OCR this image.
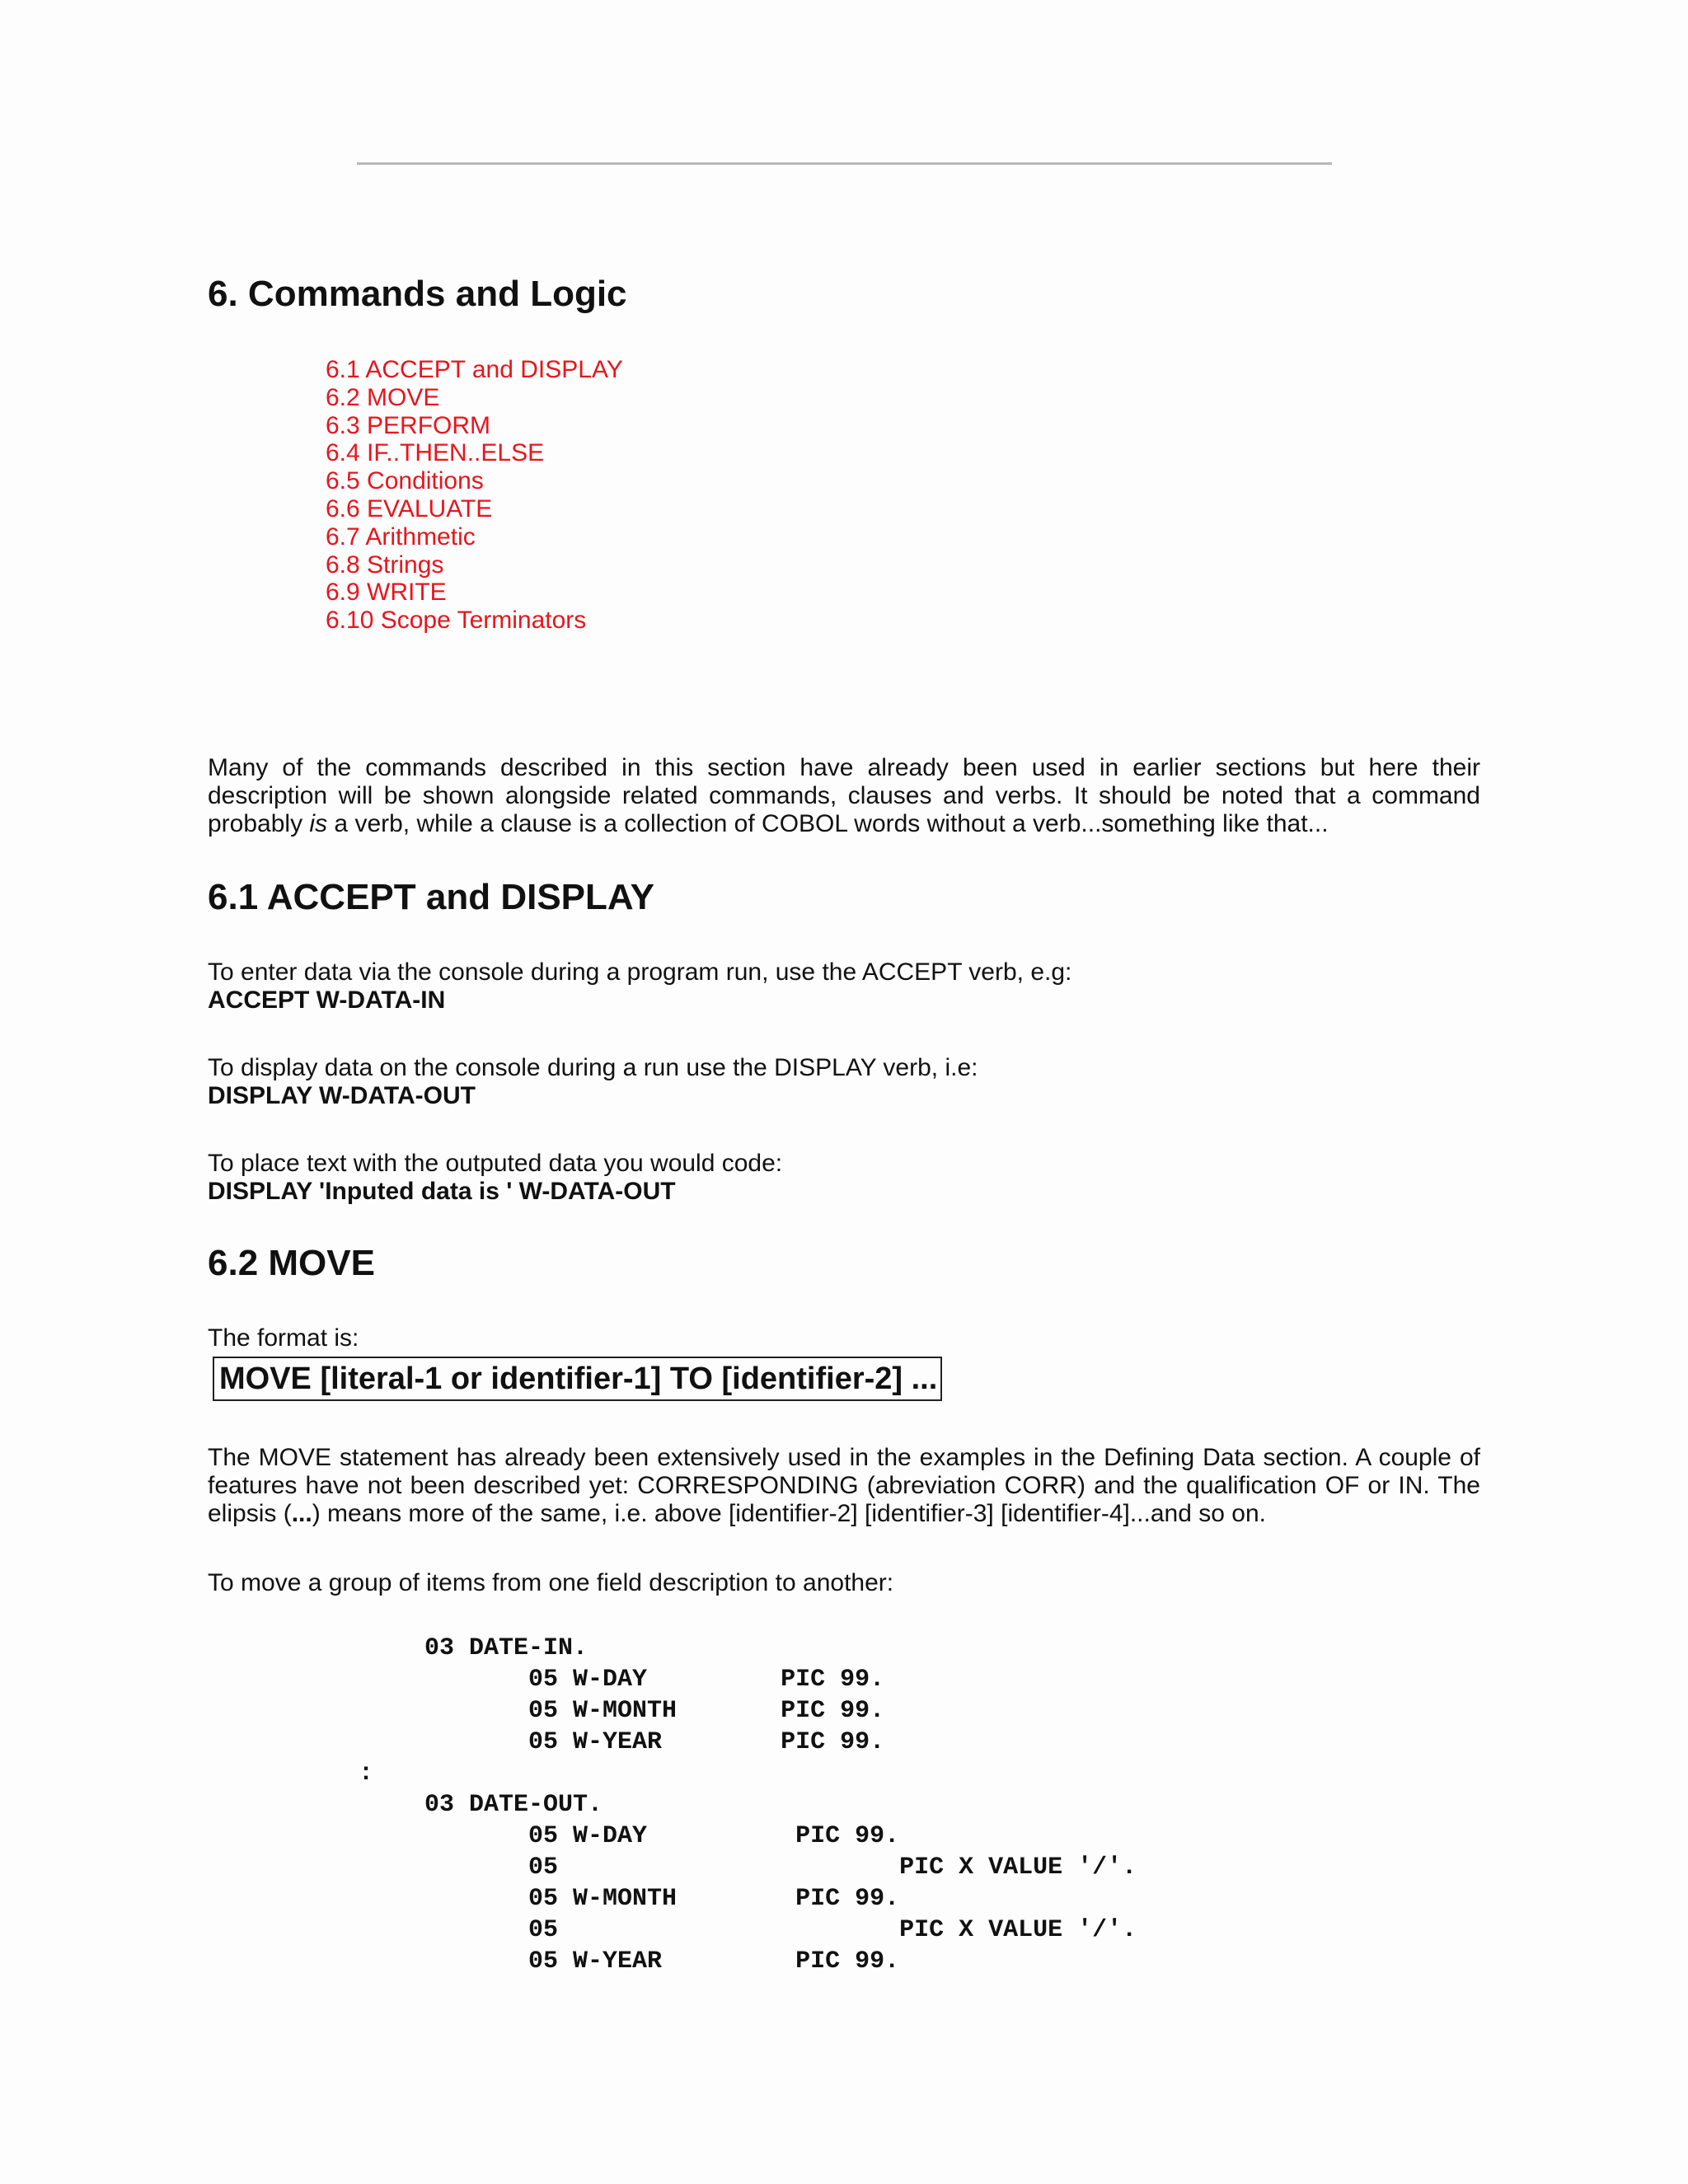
6. Commands and Logic
6.1 ACCEPT and DISPLAY
6.2 MOVE
6.3 PERFORM
6.4 IF..THEN..ELSE
6.5 Conditions
6.6 EVALUATE
6.7 Arithmetic
6.8 Strings
6.9 WRITE
6.10 Scope Terminators

Many of the commands described in this section have already been used in earlier sections but here their
description will be shown alongside related commands, clauses and verbs. It should be noted that a command
probably is a verb, while a clause is a collection of COBOL words without a verb...something like that...

6.1 ACCEPT and DISPLAY
To enter data via the console during a program run, use the ACCEPT verb, e.g:
ACCEPT W-DATA-IN
To display data on the console during a run use the DISPLAY verb, i.e:
DISPLAY W-DATA-OUT
To place text with the outputed data you would code:
DISPLAY 'Inputed data is ' W-DATA-OUT
6.2 MOVE
The format is:
MOVE [literal-1 or identifier-1] TO [identifier-2] ...

The MOVE statement has already been extensively used in the examples in the Defining Data section. A couple of
features have not been described yet: CORRESPONDING (abreviation CORR) and the qualification OF or IN. The
elipsis (...) means more of the same, i.e. above [identifier-2] [identifier-3] [identifier-4]...and so on.

To move a group of items from one field description to another:
03 DATE-IN.
05 W-DAY         PIC 99.
05 W-MONTH       PIC 99.
05 W-YEAR        PIC 99.
:
03 DATE-OUT.
05 W-DAY          PIC 99.
05                       PIC X VALUE '/'.
05 W-MONTH        PIC 99.
05                       PIC X VALUE '/'.
05 W-YEAR         PIC 99.
